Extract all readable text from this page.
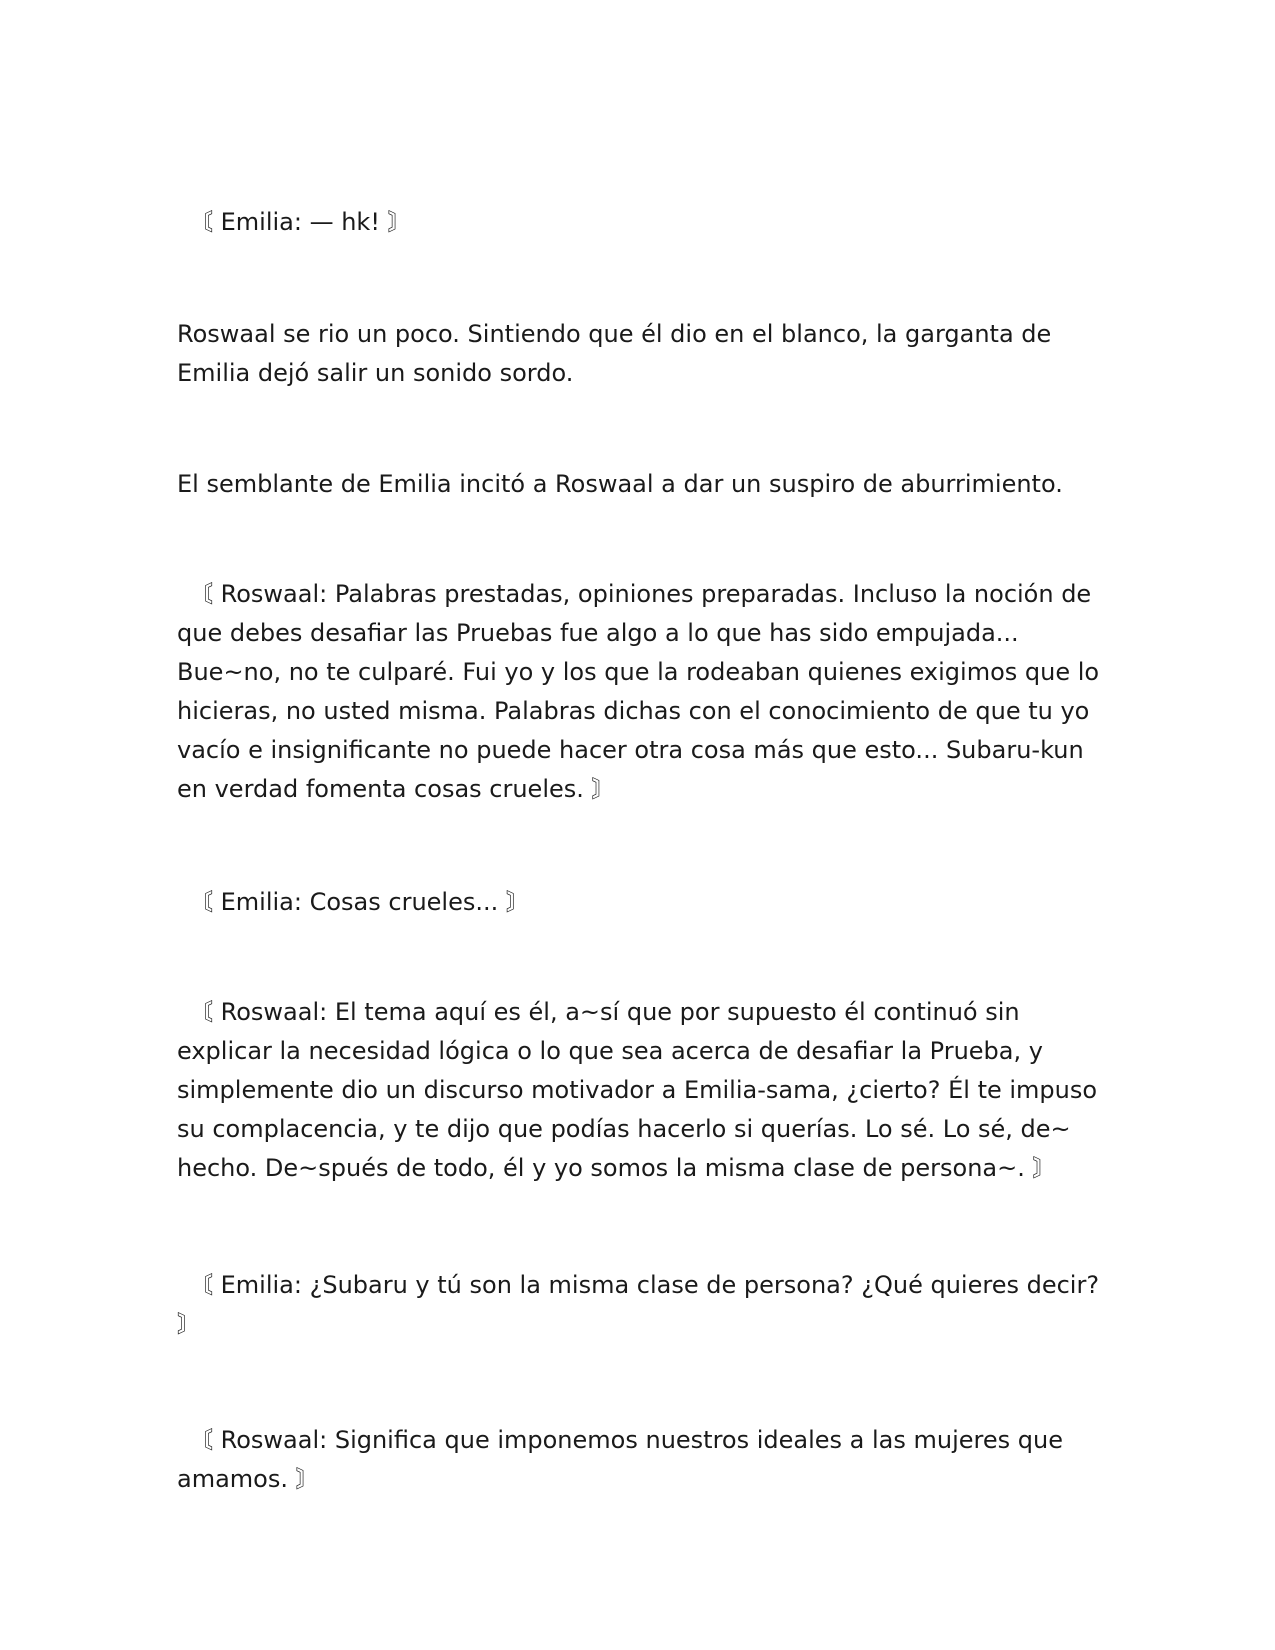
〘 Emilia: — hk! 〙

Roswaal se rio un poco. Sintiendo que él dio en el blanco, la garganta de Emilia dejó salir un sonido sordo.

El semblante de Emilia incitó a Roswaal a dar un suspiro de aburrimiento.

〘 Roswaal: Palabras prestadas, opiniones preparadas. Incluso la noción de que debes desafiar las Pruebas fue algo a lo que has sido empujada... Bue~no, no te culparé. Fui yo y los que la rodeaban quienes exigimos que lo hicieras, no usted misma. Palabras dichas con el conocimiento de que tu yo vacío e insignificante no puede hacer otra cosa más que esto... Subaru-kun en verdad fomenta cosas crueles. 〙

〘 Emilia: Cosas crueles... 〙

〘 Roswaal: El tema aquí es él, a~sí que por supuesto él continuó sin explicar la necesidad lógica o lo que sea acerca de desafiar la Prueba, y simplemente dio un discurso motivador a Emilia-sama, ¿cierto? Él te impuso su complacencia, y te dijo que podías hacerlo si querías. Lo sé. Lo sé, de~ hecho. De~spués de todo, él y yo somos la misma clase de persona~. 〙

〘 Emilia: ¿Subaru y tú son la misma clase de persona? ¿Qué quieres decir? 〙

〘 Roswaal: Significa que imponemos nuestros ideales a las mujeres que amamos. 〙
